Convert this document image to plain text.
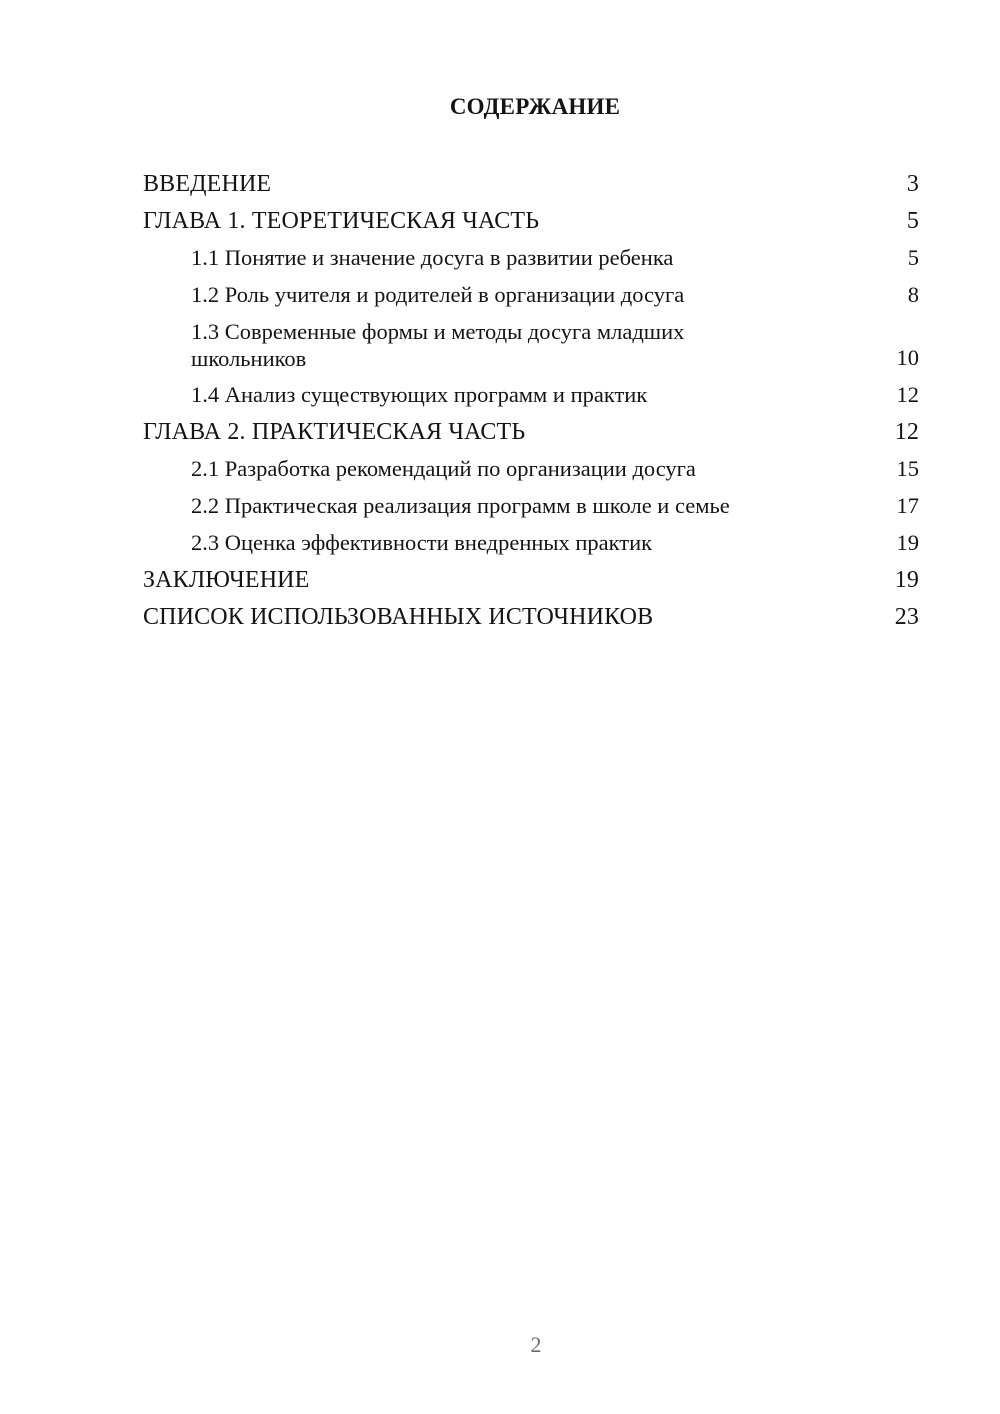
СОДЕРЖАНИЕ
ВВЕДЕНИЕ	3
ГЛАВА 1. ТЕОРЕТИЧЕСКАЯ ЧАСТЬ	5
1.1 Понятие и значение досуга в развитии ребенка	5
1.2 Роль учителя и родителей в организации досуга	8
1.3 Современные формы и методы досуга младших школьников	10
1.4 Анализ существующих программ и практик	12
ГЛАВА 2. ПРАКТИЧЕСКАЯ ЧАСТЬ	12
2.1 Разработка рекомендаций по организации досуга	15
2.2 Практическая реализация программ в школе и семье	17
2.3 Оценка эффективности внедренных практик	19
ЗАКЛЮЧЕНИЕ	19
СПИСОК ИСПОЛЬЗОВАННЫХ ИСТОЧНИКОВ	23
2
